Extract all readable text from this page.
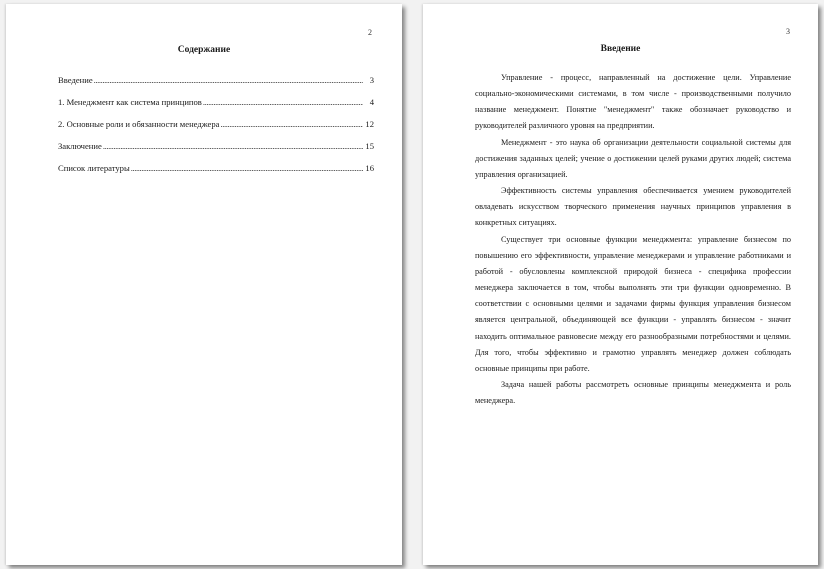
2
Содержание
Введение .....	3
1. Менеджмент как система принципов .....	4
2. Основные роли и обязанности менеджера .....	12
Заключение .....	15
Список литературы .....	16
3
Введение

Управление - процесс, направленный на достижение цели. Управление социально-экономическими системами, в том числе - производственными получило название менеджмент. Понятие "менеджмент" также обозначает руководство и руководителей различного уровня на предприятии.

Менеджмент - это наука об организации деятельности социальной системы для достижения заданных целей; учение о достижении целей руками других людей; система управления организацией.

Эффективность системы управления обеспечивается умением руководителей овладевать искусством творческого применения научных принципов управления в конкретных ситуациях.

Существует три основные функции менеджмента: управление бизнесом по повышению его эффективности, управление менеджерами и управление работниками и работой - обусловлены комплексной природой бизнеса - специфика профессии менеджера заключается в том, чтобы выполнять эти три функции одновременно. В соответствии с основными целями и задачами фирмы функция управления бизнесом является центральной, объединяющей все функции - управлять бизнесом - значит находить оптимальное равновесие между его разнообразными потребностями и целями. Для того, чтобы эффективно и грамотно управлять менеджер должен соблюдать основные принципы при работе.

Задача нашей работы рассмотреть основные принципы менеджмента и роль менеджера.
